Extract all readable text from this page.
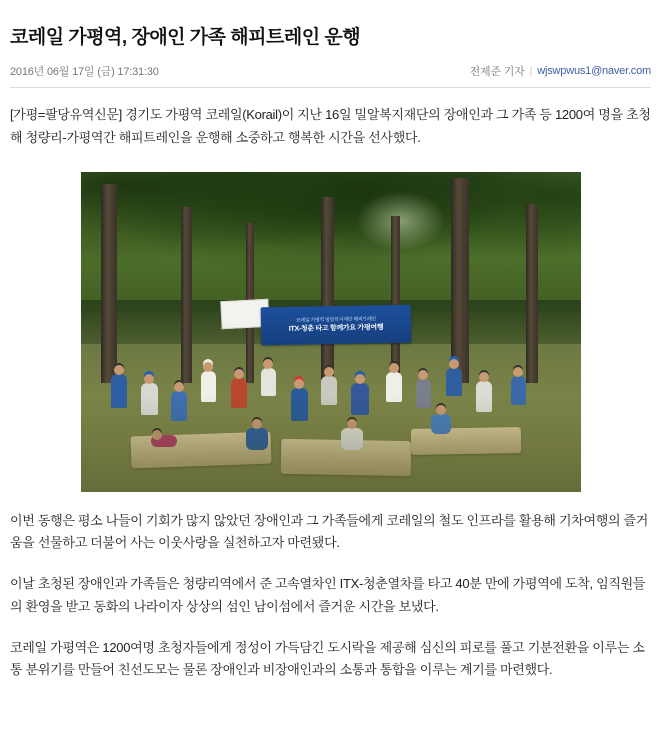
코레일 가평역, 장애인 가족 해피트레인 운행
2016년 06월 17일 (금) 17:31:30	전제준 기자 | wjswpwus1@naver.com

[가평=팔당유역신문] 경기도 가평역 코레일(Korail)이 지난 16일 밀알복지재단의 장애인과 그 가족 등 1200여 명을 초청해 청량리-가평역간 해피트레인을 운행해 소중하고 행복한 시간을 선사했다.

코레일 가평역 밀알복지재단 해피트레인
ITX-청춘 타고 함께가요 가평여행

이번 동행은 평소 나들이 기회가 많지 않았던 장애인과 그 가족들에게 코레일의 철도 인프라를 활용해 기차여행의 즐거움을 선물하고 더불어 사는 이웃사랑을 실천하고자 마련됐다.

이날 초청된 장애인과 가족들은 청량리역에서 준 고속열차인 ITX-청춘열차를 타고 40분 만에 가평역에 도착, 임직원들의 환영을 받고 동화의 나라이자 상상의 섬인 남이섬에서 즐거운 시간을 보냈다.

코레일 가평역은 1200여명 초청자들에게 정성이 가득담긴 도시락을 제공해 심신의 피로를 풀고 기분전환을 이루는 소통 분위기를 만들어 친선도모는 물론 장애인과 비장애인과의 소통과 통합을 이루는 계기를 마련했다.
